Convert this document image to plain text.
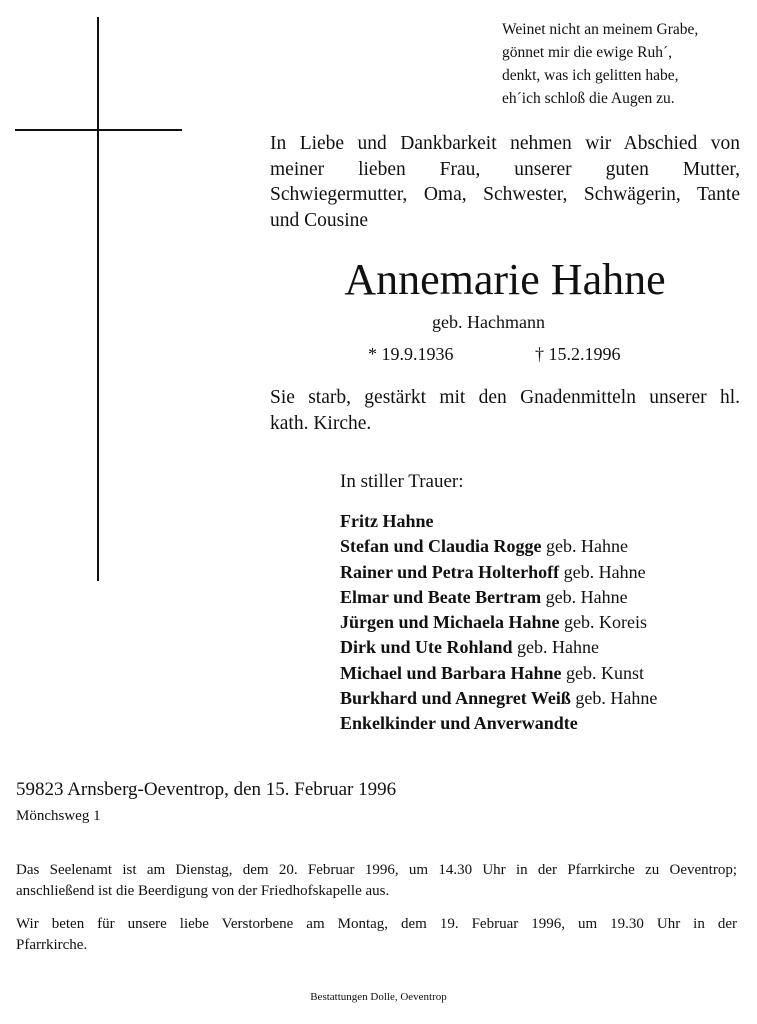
Weinet nicht an meinem Grabe,
gönnet mir die ewige Ruh´,
denkt, was ich gelitten habe,
eh´ich schloß die Augen zu.
In Liebe und Dankbarkeit nehmen wir Abschied von
meiner lieben Frau, unserer guten Mutter,
Schwiegermutter, Oma, Schwester, Schwägerin, Tante
und Cousine
Annemarie Hahne
geb. Hachmann
* 19.9.1936	† 15.2.1996
Sie starb, gestärkt mit den Gnadenmitteln unserer hl.
kath. Kirche.
In stiller Trauer:
Fritz Hahne
Stefan und Claudia Rogge geb. Hahne
Rainer und Petra Holterhoff geb. Hahne
Elmar und Beate Bertram geb. Hahne
Jürgen und Michaela Hahne geb. Koreis
Dirk und Ute Rohland geb. Hahne
Michael und Barbara Hahne geb. Kunst
Burkhard und Annegret Weiß geb. Hahne
Enkelkinder und Anverwandte
59823 Arnsberg-Oeventrop, den 15. Februar 1996
Mönchsweg 1
Das Seelenamt ist am Dienstag, dem 20. Februar 1996, um 14.30 Uhr in der Pfarrkirche zu Oeventrop;
anschließend ist die Beerdigung von der Friedhofskapelle aus.
Wir beten für unsere liebe Verstorbene am Montag, dem 19. Februar 1996, um 19.30 Uhr in der
Pfarrkirche.
Bestattungen Dolle, Oeventrop
